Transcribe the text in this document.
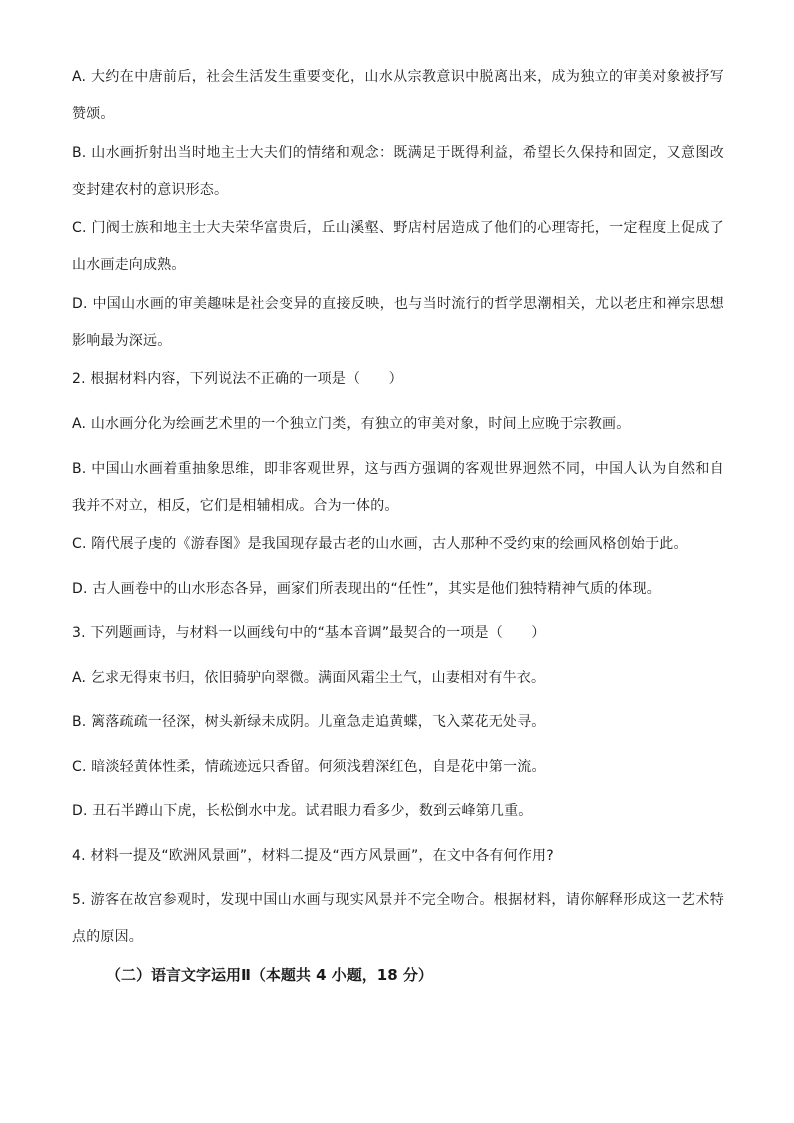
A. 大约在中唐前后，社会生活发生重要变化，山水从宗教意识中脱离出来，成为独立的审美对象被抒写赞颂。

B. 山水画折射出当时地主士大夫们的情绪和观念：既满足于既得利益，希望长久保持和固定，又意图改变封建农村的意识形态。

C. 门阀士族和地主士大夫荣华富贵后，丘山溪壑、野店村居造成了他们的心理寄托，一定程度上促成了山水画走向成熟。

D. 中国山水画的审美趣味是社会变异的直接反映，也与当时流行的哲学思潮相关，尤以老庄和禅宗思想影响最为深远。

2. 根据材料内容，下列说法不正确的一项是（　　）

A. 山水画分化为绘画艺术里的一个独立门类，有独立的审美对象，时间上应晚于宗教画。

B. 中国山水画着重抽象思维，即非客观世界，这与西方强调的客观世界迥然不同，中国人认为自然和自我并不对立，相反，它们是相辅相成。合为一体的。

C. 隋代展子虔的《游春图》是我国现存最古老的山水画，古人那种不受约束的绘画风格创始于此。

D. 古人画卷中的山水形态各异，画家们所表现出的“任性”，其实是他们独特精神气质的体现。

3. 下列题画诗，与材料一以画线句中的“基本音调”最契合的一项是（　　）

A. 乞求无得束书归，依旧骑驴向翠微。满面风霜尘土气，山妻相对有牛衣。

B. 篱落疏疏一径深，树头新绿未成阴。儿童急走追黄蝶，飞入菜花无处寻。

C. 暗淡轻黄体性柔，情疏迹远只香留。何须浅碧深红色，自是花中第一流。

D. 丑石半蹲山下虎，长松倒水中龙。试君眼力看多少，数到云峰第几重。

4. 材料一提及“欧洲风景画”，材料二提及“西方风景画”，在文中各有何作用?

5. 游客在故宫参观时，发现中国山水画与现实风景并不完全吻合。根据材料，请你解释形成这一艺术特点的原因。

（二）语言文字运用Ⅱ（本题共 4 小题，18 分）
